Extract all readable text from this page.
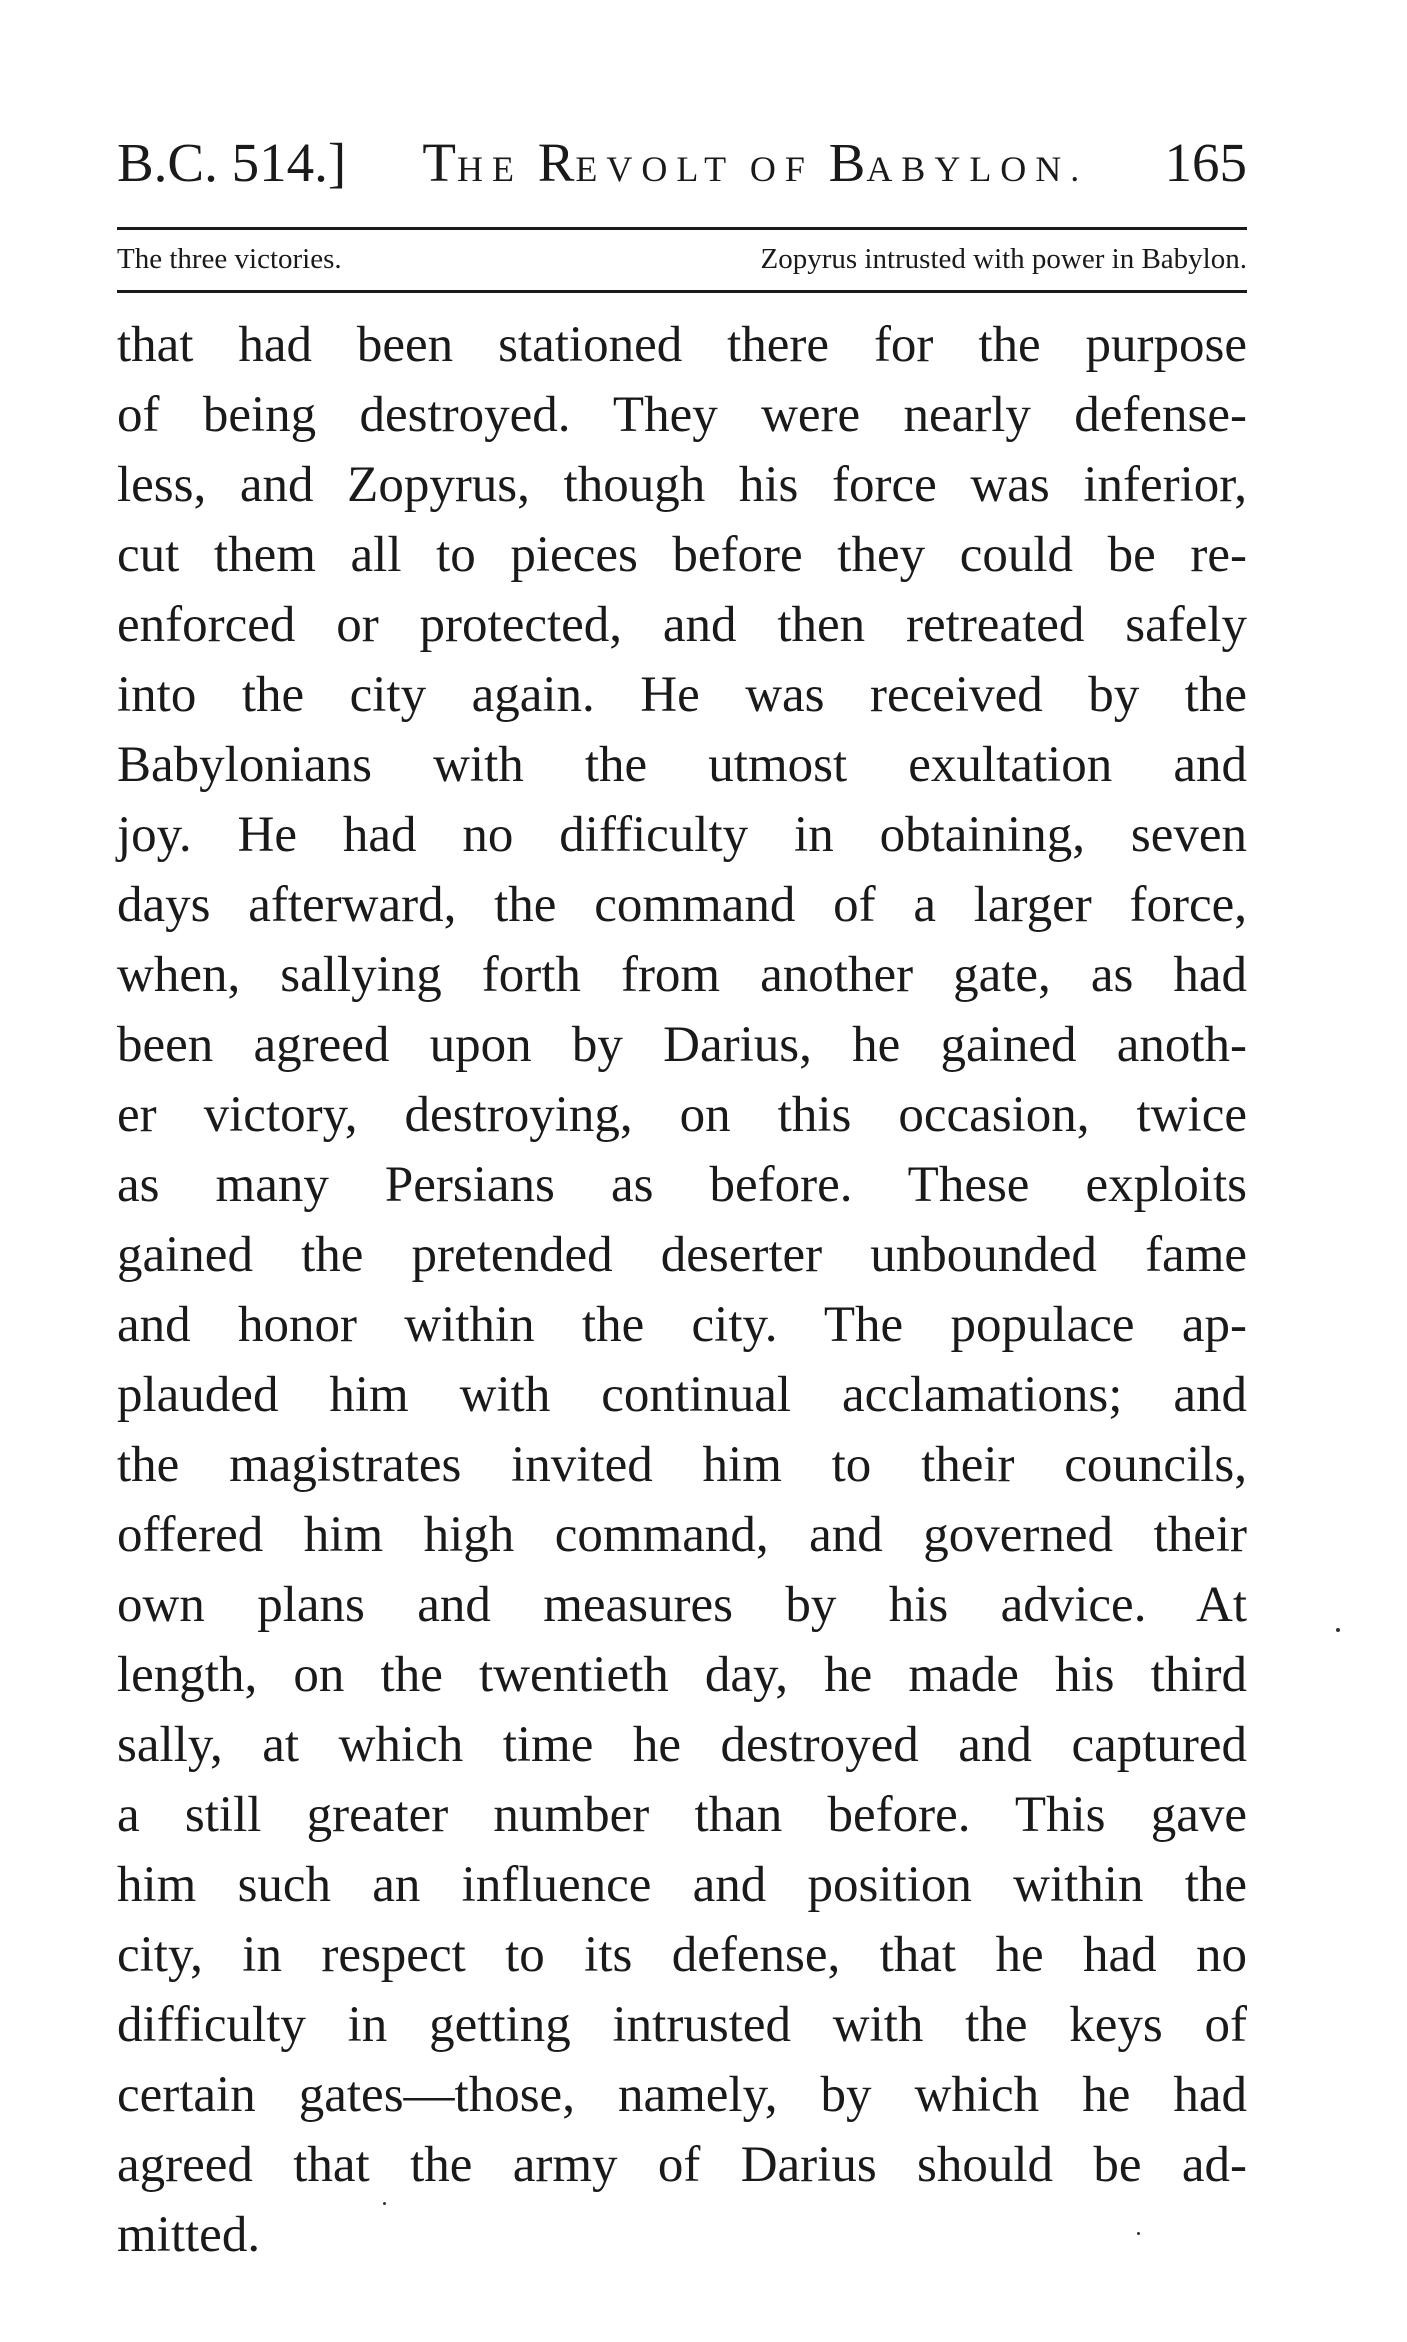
B.C. 514.] THE REVOLT OF BABYLON. 165
The three victories.	Zopyrus intrusted with power in Babylon.
that had been stationed there for the purpose
of being destroyed. They were nearly defense-
less, and Zopyrus, though his force was inferior,
cut them all to pieces before they could be re-
enforced or protected, and then retreated safely
into the city again. He was received by the
Babylonians with the utmost exultation and
joy. He had no difficulty in obtaining, seven
days afterward, the command of a larger force,
when, sallying forth from another gate, as had
been agreed upon by Darius, he gained anoth-
er victory, destroying, on this occasion, twice
as many Persians as before. These exploits
gained the pretended deserter unbounded fame
and honor within the city. The populace ap-
plauded him with continual acclamations; and
the magistrates invited him to their councils,
offered him high command, and governed their
own plans and measures by his advice. At
length, on the twentieth day, he made his third
sally, at which time he destroyed and captured
a still greater number than before. This gave
him such an influence and position within the
city, in respect to its defense, that he had no
difficulty in getting intrusted with the keys of
certain gates—those, namely, by which he had
agreed that the army of Darius should be ad-
mitted.
